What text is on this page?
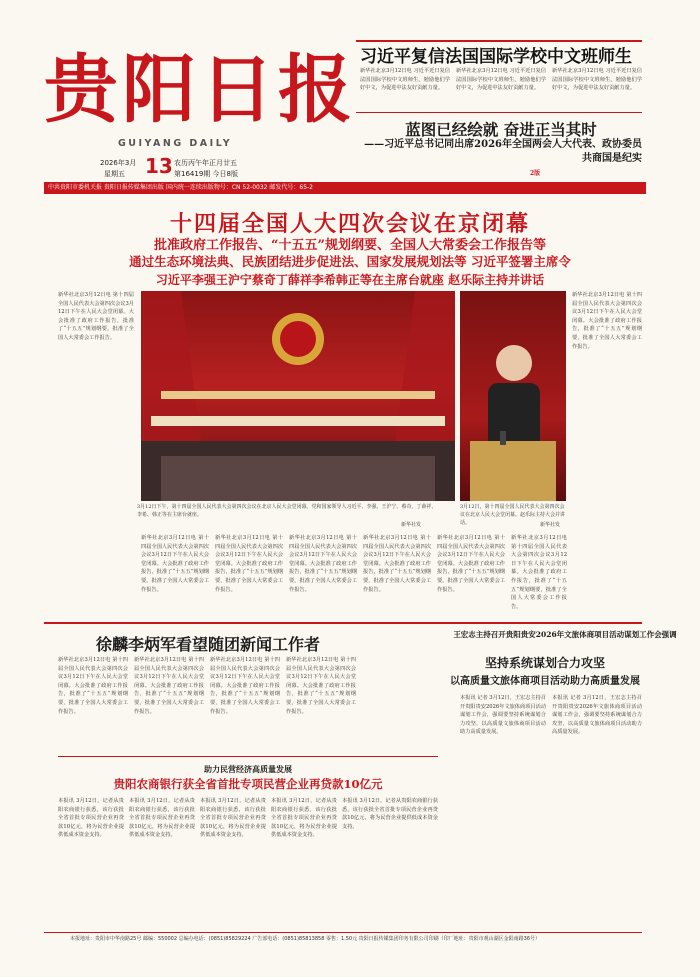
贵阳日报
GUIYANG DAILY
2026年3月
星期五 13 农历丙午年正月廿五
第16419期 今日8版
中共贵阳市委机关报 贵阳日报传媒集团出版 国内统一连续出版物号：CN 52-0032 邮发代号：65-2
习近平复信法国国际学校中文班师生
新华社北京3月12日电 习近平近日复信法国国际学校中文班师生，勉励他们学好中文，为促进中法友好贡献力量。
新华社北京3月12日电 习近平近日复信法国国际学校中文班师生，勉励他们学好中文，为促进中法友好贡献力量。
新华社北京3月12日电 习近平近日复信法国国际学校中文班师生，勉励他们学好中文，为促进中法友好贡献力量。
蓝图已经绘就 奋进正当其时
——习近平总书记同出席2026年全国两会人大代表、政协委员共商国是纪实
2版
十四届全国人大四次会议在京闭幕
批准政府工作报告、“十五五”规划纲要、全国人大常委会工作报告等
通过生态环境法典、民族团结进步促进法、国家发展规划法等 习近平签署主席令
习近平李强王沪宁蔡奇丁薛祥李希韩正等在主席台就座 赵乐际主持并讲话
新华社北京3月12日电 第十四届全国人民代表大会第四次会议3月12日下午在人民大会堂闭幕。大会批准了政府工作报告，批准了“十五五”规划纲要，批准了全国人大常委会工作报告。
3月12日下午，第十四届全国人民代表大会第四次会议在北京人民大会堂闭幕。党和国家领导人习近平、李强、王沪宁、蔡奇、丁薛祥、李希、韩正等在主席台就座。
新华社发
3月12日，第十四届全国人民代表大会第四次会议在北京人民大会堂闭幕。赵乐际主持大会并讲话。	新华社发
新华社北京3月12日电 第十四届全国人民代表大会第四次会议3月12日下午在人民大会堂闭幕。大会批准了政府工作报告，批准了“十五五”规划纲要，批准了全国人大常委会工作报告。
新华社北京3月12日电 第十四届全国人民代表大会第四次会议3月12日下午在人民大会堂闭幕。大会批准了政府工作报告，批准了“十五五”规划纲要，批准了全国人大常委会工作报告。
新华社北京3月12日电 第十四届全国人民代表大会第四次会议3月12日下午在人民大会堂闭幕。大会批准了政府工作报告，批准了“十五五”规划纲要，批准了全国人大常委会工作报告。
新华社北京3月12日电 第十四届全国人民代表大会第四次会议3月12日下午在人民大会堂闭幕。大会批准了政府工作报告，批准了“十五五”规划纲要，批准了全国人大常委会工作报告。
新华社北京3月12日电 第十四届全国人民代表大会第四次会议3月12日下午在人民大会堂闭幕。大会批准了政府工作报告，批准了“十五五”规划纲要，批准了全国人大常委会工作报告。
新华社北京3月12日电 第十四届全国人民代表大会第四次会议3月12日下午在人民大会堂闭幕。大会批准了政府工作报告，批准了“十五五”规划纲要，批准了全国人大常委会工作报告。
新华社北京3月12日电 第十四届全国人民代表大会第四次会议3月12日下午在人民大会堂闭幕。大会批准了政府工作报告，批准了“十五五”规划纲要，批准了全国人大常委会工作报告。
徐麟李炳军看望随团新闻工作者
新华社北京3月12日电 第十四届全国人民代表大会第四次会议3月12日下午在人民大会堂闭幕。大会批准了政府工作报告，批准了“十五五”规划纲要，批准了全国人大常委会工作报告。
新华社北京3月12日电 第十四届全国人民代表大会第四次会议3月12日下午在人民大会堂闭幕。大会批准了政府工作报告，批准了“十五五”规划纲要，批准了全国人大常委会工作报告。
新华社北京3月12日电 第十四届全国人民代表大会第四次会议3月12日下午在人民大会堂闭幕。大会批准了政府工作报告，批准了“十五五”规划纲要，批准了全国人大常委会工作报告。
新华社北京3月12日电 第十四届全国人民代表大会第四次会议3月12日下午在人民大会堂闭幕。大会批准了政府工作报告，批准了“十五五”规划纲要，批准了全国人大常委会工作报告。
王宏志主持召开贵阳贵安2026年文旅体商项目活动谋划工作会强调
坚持系统谋划合力攻坚
以高质量文旅体商项目活动助力高质量发展
本报讯 记者 3月12日，王宏志主持召开贵阳贵安2026年文旅体商项目活动谋划工作会，强调要坚持系统谋划合力攻坚，以高质量文旅体商项目活动助力高质量发展。
本报讯 记者 3月12日，王宏志主持召开贵阳贵安2026年文旅体商项目活动谋划工作会，强调要坚持系统谋划合力攻坚，以高质量文旅体商项目活动助力高质量发展。
助力民营经济高质量发展
贵阳农商银行获全省首批专项民营企业再贷款10亿元
本报讯 3月12日，记者从贵阳农商银行获悉，该行获批全省首批专项民营企业再贷款10亿元，将为民营企业提供低成本资金支持。
本报讯 3月12日，记者从贵阳农商银行获悉，该行获批全省首批专项民营企业再贷款10亿元，将为民营企业提供低成本资金支持。
本报讯 3月12日，记者从贵阳农商银行获悉，该行获批全省首批专项民营企业再贷款10亿元，将为民营企业提供低成本资金支持。
本报讯 3月12日，记者从贵阳农商银行获悉，该行获批全省首批专项民营企业再贷款10亿元，将为民营企业提供低成本资金支持。
本报讯 3月12日，记者从贵阳农商银行获悉，该行获批全省首批专项民营企业再贷款10亿元，将为民营企业提供低成本资金支持。
本报地址：贵阳市中华南路25号 邮编：550002 总编办电话：(0851)85829224 广告部电话：(0851)85813858 零售：1.50元 贵阳日报传媒集团印务有限公司印刷（印厂地址：贵阳市观山湖区金阳南路36号）
